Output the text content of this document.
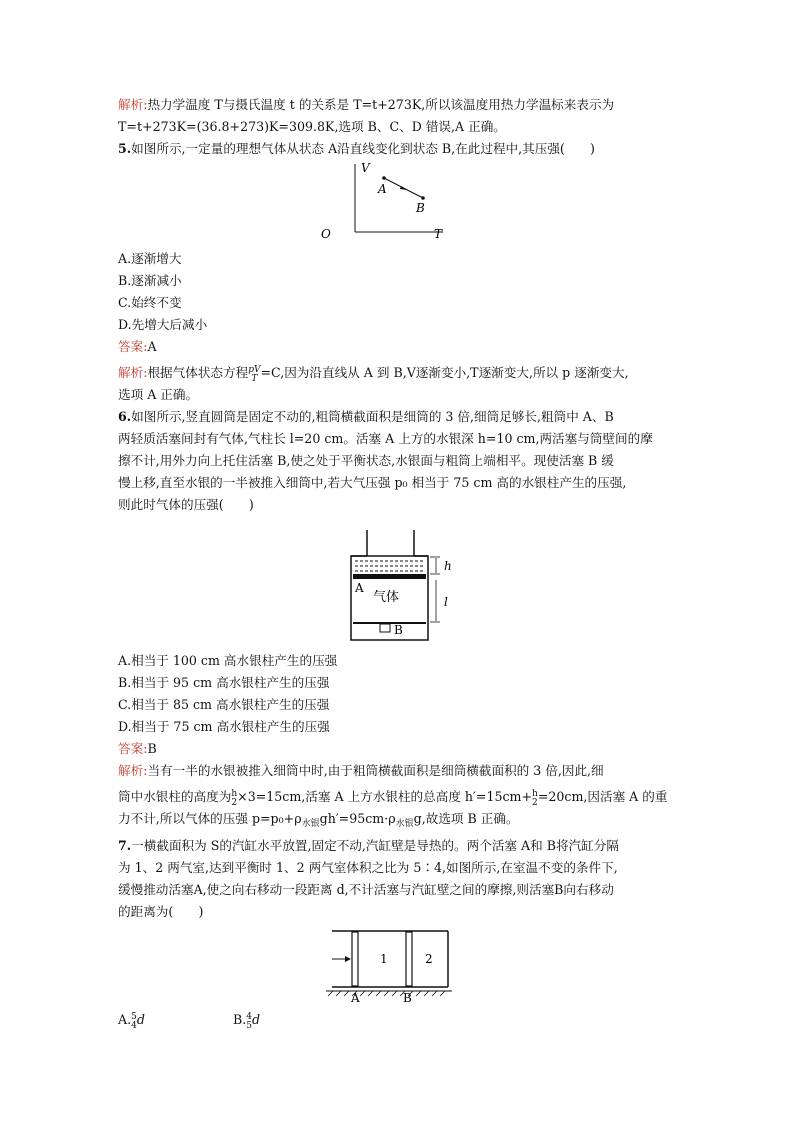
解析:热力学温度 T与摄氏温度 t 的关系是 T=t+273K,所以该温度用热力学温标来表示为
T=t+273K=(36.8+273)K=309.8K,选项 B、C、D 错误,A 正确。
5.如图所示,一定量的理想气体从状态 A沿直线变化到状态 B,在此过程中,其压强(　　)
V
A
B
O	T
A.逐渐增大
B.逐渐减小
C.始终不变
D.先增大后减小
答案:A
解析:根据气体状态方程 pV
T =C,因为沿直线从 A 到 B,V逐渐变小,T逐渐变大,所以 p 逐渐变大,
选项 A 正确。
6.如图所示,竖直圆筒是固定不动的,粗筒横截面积是细筒的 3 倍,细筒足够长,粗筒中 A、B
两轻质活塞间封有气体,气柱长 l=20 cm。活塞 A 上方的水银深 h=10 cm,两活塞与筒壁间的摩
擦不计,用外力向上托住活塞 B,使之处于平衡状态,水银面与粗筒上端相平。现使活塞 B 缓
慢上移,直至水银的一半被推入细筒中,若大气压强 p₀ 相当于 75 cm 高的水银柱产生的压强,
则此时气体的压强(　　)
B
A
气体
h
l
A.相当于 100 cm 高水银柱产生的压强
B.相当于 95 cm 高水银柱产生的压强
C.相当于 85 cm 高水银柱产生的压强
D.相当于 75 cm 高水银柱产生的压强
答案:B
解析:当有一半的水银被推入细筒中时,由于粗筒横截面积是细筒横截面积的 3 倍,因此,细
筒中水银柱的高度为 h
2 ×3=15cm,活塞 A 上方水银柱的总高度 h′=15cm+ h
2 =20cm,因活塞 A 的重
力不计,所以气体的压强 $p=p_0+\rho_{水银}gh'=95cm\cdot\rho_{水银}g$,故选项 B 正确。
7.一横截面积为 S的汽缸水平放置,固定不动,汽缸壁是导热的。两个活塞 A和 B将汽缸分隔
为 1、2 两气室,达到平衡时 1、2 两气室体积之比为 5∶4,如图所示,在室温不变的条件下,
缓慢推动活塞A,使之向右移动一段距离 d,不计活塞与汽缸壁之间的摩擦,则活塞B向右移动
的距离为(　　)
1	2
A	B
A. 5
4 d	B. 4
5 d
